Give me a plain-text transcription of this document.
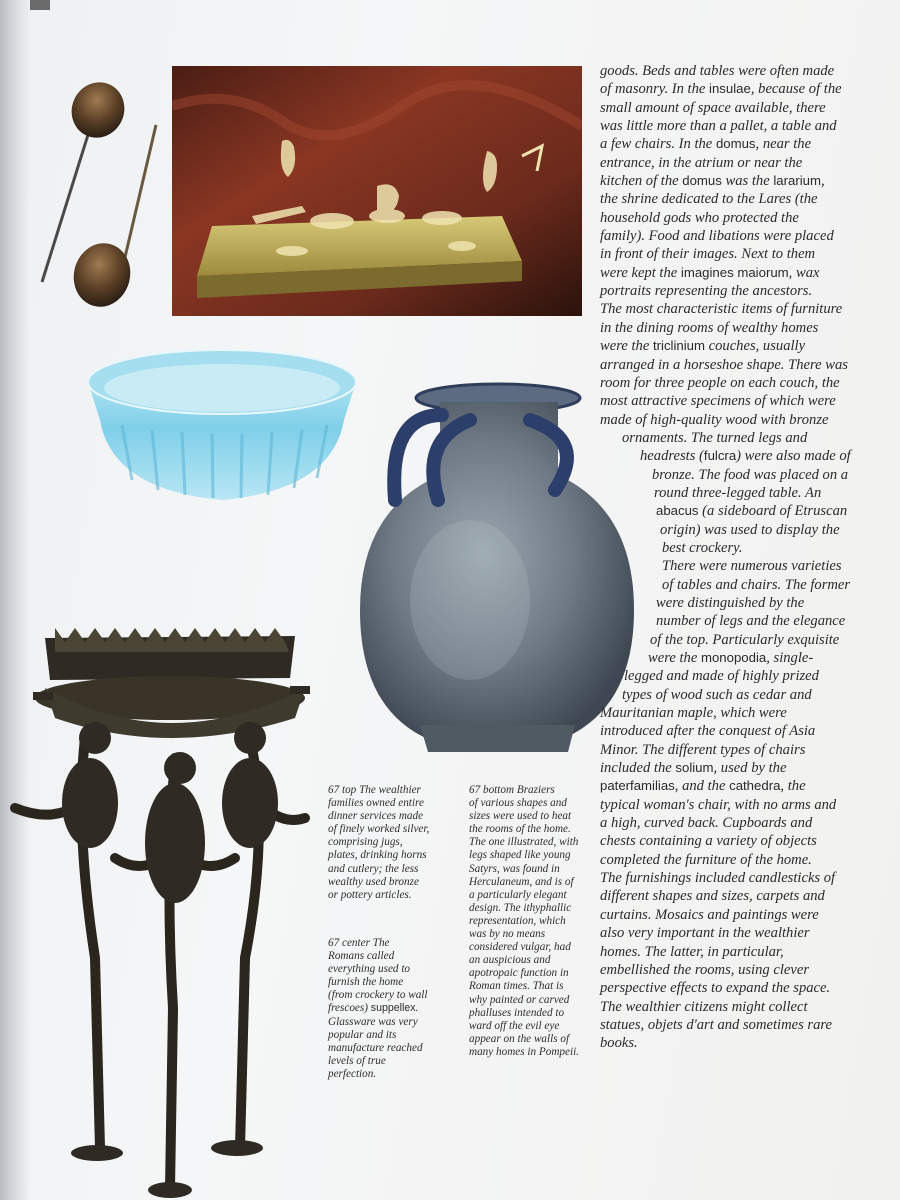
goods. Beds and tables were often made
of masonry. In the insulae, because of the
small amount of space available, there
was little more than a pallet, a table and
a few chairs. In the domus, near the
entrance, in the atrium or near the
kitchen of the domus was the lararium,
the shrine dedicated to the Lares (the
household gods who protected the
family). Food and libations were placed
in front of their images. Next to them
were kept the imagines maiorum, wax
portraits representing the ancestors.
The most characteristic items of furniture
in the dining rooms of wealthy homes
were the triclinium couches, usually
arranged in a horseshoe shape. There was
room for three people on each couch, the
most attractive specimens of which were
made of high-quality wood with bronze
ornaments. The turned legs and
headrests (fulcra) were also made of
bronze. The food was placed on a
round three-legged table. An
abacus (a sideboard of Etruscan
origin) was used to display the
best crockery.
There were numerous varieties
of tables and chairs. The former
were distinguished by the
number of legs and the elegance
of the top. Particularly exquisite
were the monopodia, single-
legged and made of highly prized
types of wood such as cedar and
Mauritanian maple, which were
introduced after the conquest of Asia
Minor. The different types of chairs
included the solium, used by the
paterfamilias, and the cathedra, the
typical woman's chair, with no arms and
a high, curved back. Cupboards and
chests containing a variety of objects
completed the furniture of the home.
The furnishings included candlesticks of
different shapes and sizes, carpets and
curtains. Mosaics and paintings were
also very important in the wealthier
homes. The latter, in particular,
embellished the rooms, using clever
perspective effects to expand the space.
The wealthier citizens might collect
statues, objets d'art and sometimes rare
books.
67 top The wealthier
families owned entire
dinner services made
of finely worked silver,
comprising jugs,
plates, drinking horns
and cutlery; the less
wealthy used bronze
or pottery articles.
67 center The
Romans called
everything used to
furnish the home
(from crockery to wall
frescoes) suppellex.
Glassware was very
popular and its
manufacture reached
levels of true
perfection.
67 bottom Braziers
of various shapes and
sizes were used to heat
the rooms of the home.
The one illustrated, with
legs shaped like young
Satyrs, was found in
Herculaneum, and is of
a particularly elegant
design. The ithyphallic
representation, which
was by no means
considered vulgar, had
an auspicious and
apotropaic function in
Roman times. That is
why painted or carved
phalluses intended to
ward off the evil eye
appear on the walls of
many homes in Pompeii.
